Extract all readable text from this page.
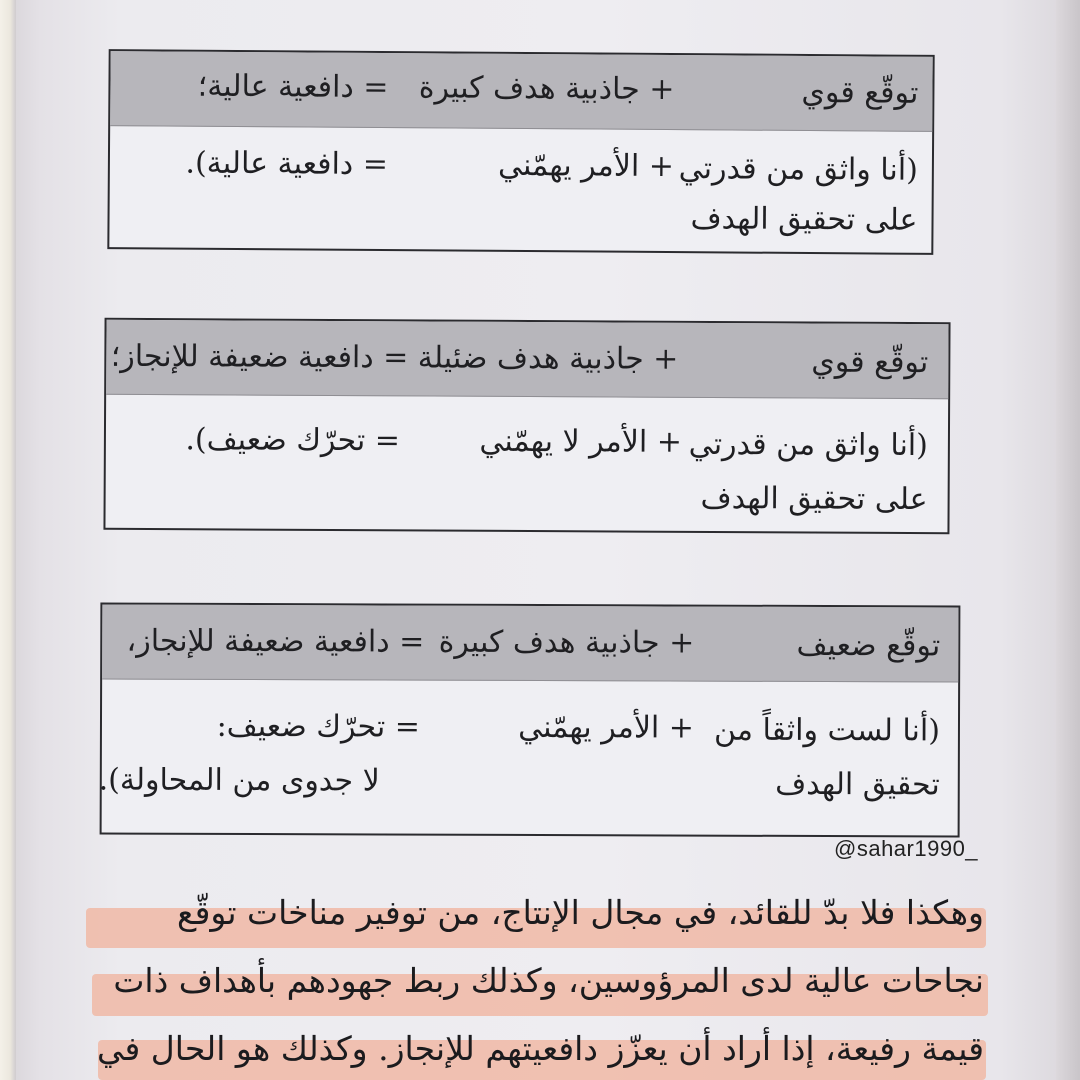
توقّع قوي
+ جاذبية هدف كبيرة
= دافعية عالية؛
(أنا واثق من قدرتي
على تحقيق الهدف
+ الأمر يهمّني
= دافعية عالية).
توقّع قوي
+ جاذبية هدف ضئيلة
= دافعية ضعيفة للإنجاز؛
(أنا واثق من قدرتي
على تحقيق الهدف
+ الأمر لا يهمّني
= تحرّك ضعيف).
توقّع ضعيف
+ جاذبية هدف كبيرة
= دافعية ضعيفة للإنجاز،
(أنا لست واثقاً من
تحقيق الهدف
+ الأمر يهمّني
= تحرّك ضعيف:
لا جدوى من المحاولة).
@sahar1990_
وهكذا فلا بدّ للقائد، في مجال الإنتاج، من توفير مناخات توقّع
نجاحات عالية لدى المرؤوسين، وكذلك ربط جهودهم بأهداف ذات
قيمة رفيعة، إذا أراد أن يعزّز دافعيتهم للإنجاز. وكذلك هو الحال في
